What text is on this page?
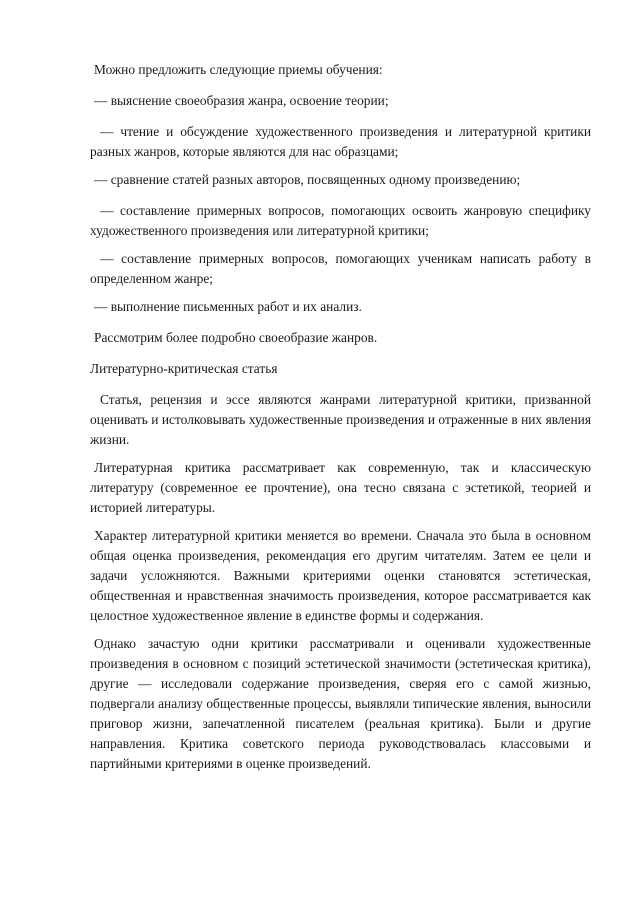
Можно предложить следующие приемы обучения:

— выяснение своеобразия жанра, освоение теории;

— чтение и обсуждение художественного произведения и литературной критики разных жанров, которые являются для нас образцами;

— сравнение статей разных авторов, посвященных одному произведению;

— составление примерных вопросов, помогающих освоить жанровую специфику художественного произведения или литературной критики;

— составление примерных вопросов, помогающих ученикам написать работу в определенном жанре;

— выполнение письменных работ и их анализ.

Рассмотрим более подробно своеобразие жанров.

Литературно-критическая статья

Статья, рецензия и эссе являются жанрами литературной критики, призванной оценивать и истолковывать художественные произведения и отраженные в них явления жизни.

Литературная критика рассматривает как современную, так и классическую литературу (современное ее прочтение), она тесно связана с эстетикой, теорией и историей литературы.

Характер литературной критики меняется во времени. Сначала это была в основном общая оценка произведения, рекомендация его другим читателям. Затем ее цели и задачи усложняются. Важными критериями оценки становятся эстетическая, общественная и нравственная значимость произведения, которое рассматривается как целостное художественное явление в единстве формы и содержания.

Однако зачастую одни критики рассматривали и оценивали художественные произведения в основном с позиций эстетической значимости (эстетическая критика), другие — исследовали содержание произведения, сверяя его с самой жизнью, подвергали анализу общественные процессы, выявляли типические явления, выносили приговор жизни, запечатленной писателем (реальная критика). Были и другие направления. Критика советского периода руководствовалась классовыми и партийными критериями в оценке произведений.
